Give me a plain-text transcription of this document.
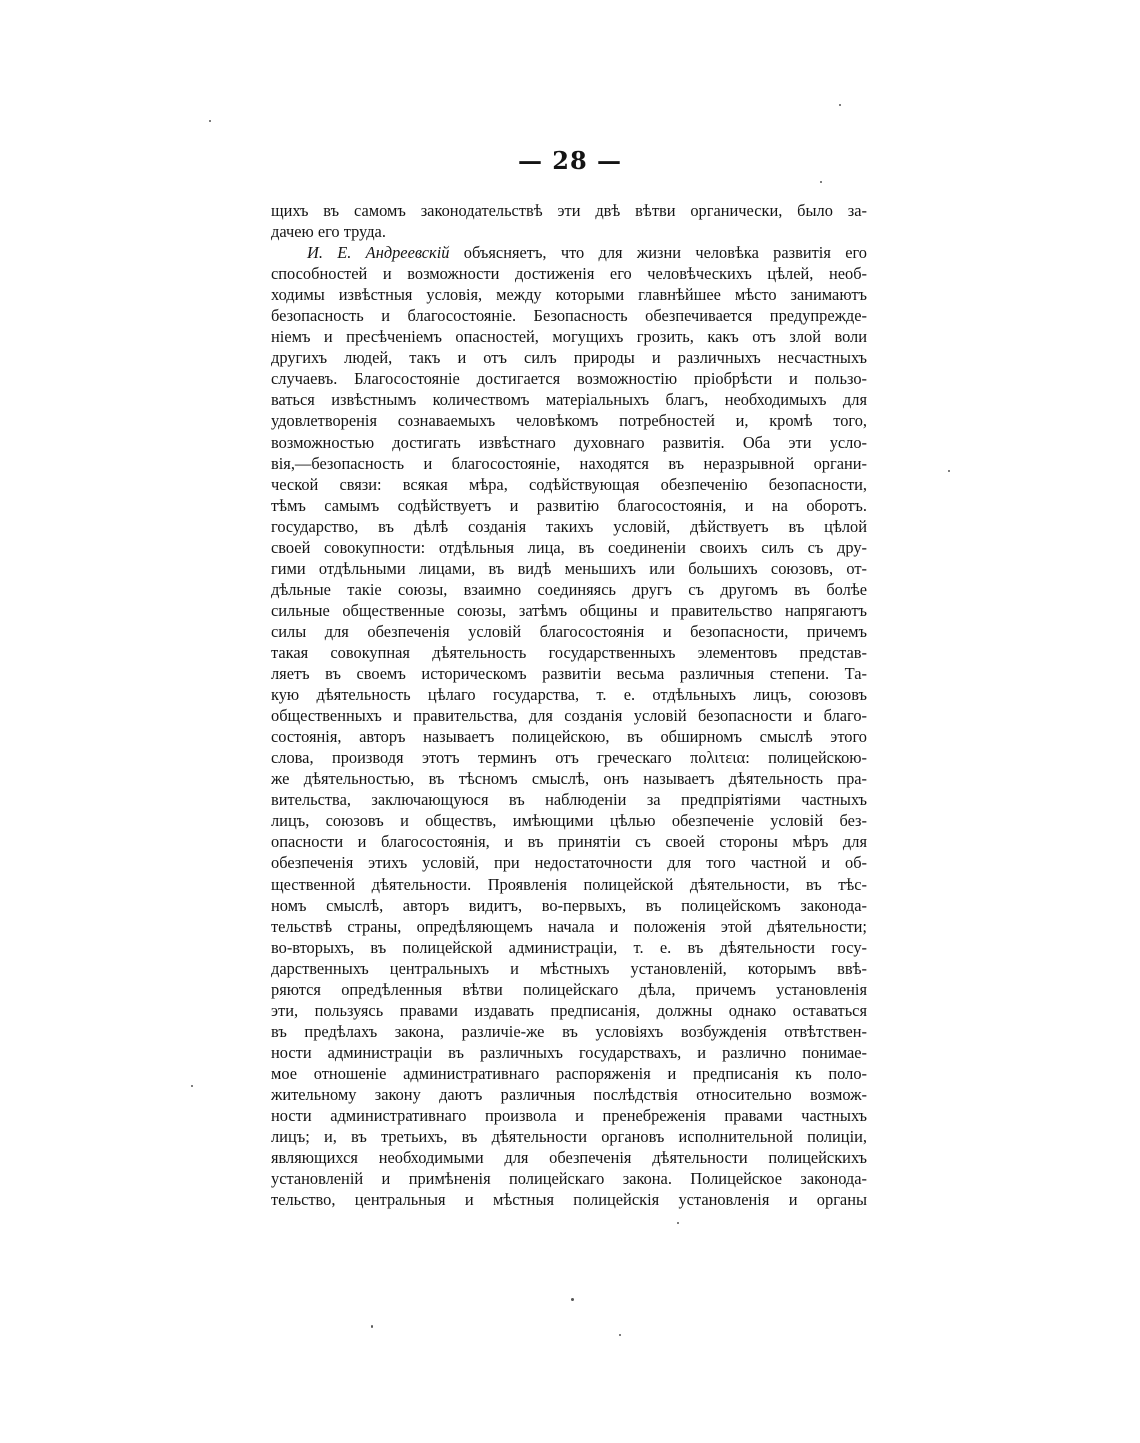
— 28 —
щихъ въ самомъ законодательствѣ эти двѣ вѣтви органически, было за-
дачею его труда.
И. Е. Андреевскій объясняетъ, что для жизни человѣка развитія его
способностей и возможности достиженія его человѣческихъ цѣлей, необ-
ходимы извѣстныя условія, между которыми главнѣйшее мѣсто занимаютъ
безопасность и благосостояніе. Безопасность обезпечивается предупрежде-
ніемъ и пресѣченіемъ опасностей, могущихъ грозить, какъ отъ злой воли
другихъ людей, такъ и отъ силъ природы и различныхъ несчастныхъ
случаевъ. Благосостояніе достигается возможностію пріобрѣсти и пользо-
ваться извѣстнымъ количествомъ матеріальныхъ благъ, необходимыхъ для
удовлетворенія сознаваемыхъ человѣкомъ потребностей и, кромѣ того,
возможностью достигать извѣстнаго духовнаго развитія. Оба эти усло-
вія,—безопасность и благосостояніе, находятся въ неразрывной органи-
ческой связи: всякая мѣра, содѣйствующая обезпеченію безопасности,
тѣмъ самымъ содѣйствуетъ и развитію благосостоянія, и на оборотъ.
государство, въ дѣлѣ созданія такихъ условій, дѣйствуетъ въ цѣлой
своей совокупности: отдѣльныя лица, въ соединеніи своихъ силъ съ дру-
гими отдѣльными лицами, въ видѣ меньшихъ или большихъ союзовъ, от-
дѣльные такіе союзы, взаимно соединяясь другъ съ другомъ въ болѣе
сильные общественные союзы, затѣмъ общины и правительство напрягаютъ
силы для обезпеченія условій благосостоянія и безопасности, причемъ
такая совокупная дѣятельность государственныхъ элементовъ представ-
ляетъ въ своемъ историческомъ развитіи весьма различныя степени. Та-
кую дѣятельность цѣлаго государства, т. е. отдѣльныхъ лицъ, союзовъ
общественныхъ и правительства, для созданія условій безопасности и благо-
состоянія, авторъ называетъ полицейскою, въ обширномъ смыслѣ этого
слова, производя этотъ терминъ отъ греческаго πολιτεια: полицейскою-
же дѣятельностью, въ тѣсномъ смыслѣ, онъ называетъ дѣятельность пра-
вительства, заключающуюся въ наблюденіи за предпріятіями частныхъ
лицъ, союзовъ и обществъ, имѣющими цѣлью обезпеченіе условій без-
опасности и благосостоянія, и въ принятіи съ своей стороны мѣръ для
обезпеченія этихъ условій, при недостаточности для того частной и об-
щественной дѣятельности. Проявленія полицейской дѣятельности, въ тѣс-
номъ смыслѣ, авторъ видитъ, во-первыхъ, въ полицейскомъ законода-
тельствѣ страны, опредѣляющемъ начала и положенія этой дѣятельности;
во-вторыхъ, въ полицейской администраціи, т. е. въ дѣятельности госу-
дарственныхъ центральныхъ и мѣстныхъ установленій, которымъ ввѣ-
ряются опредѣленныя вѣтви полицейскаго дѣла, причемъ установленія
эти, пользуясь правами издавать предписанія, должны однако оставаться
въ предѣлахъ закона, различіе-же въ условіяхъ возбужденія отвѣтствен-
ности администраціи въ различныхъ государствахъ, и различно понимае-
мое отношеніе административнаго распоряженія и предписанія къ поло-
жительному закону даютъ различныя послѣдствія относительно возмож-
ности административнаго произвола и пренебреженія правами частныхъ
лицъ; и, въ третьихъ, въ дѣятельности органовъ исполнительной полиціи,
являющихся необходимыми для обезпеченія дѣятельности полицейскихъ
установленій и примѣненія полицейскаго закона. Полицейское законода-
тельство, центральныя и мѣстныя полицейскія установленія и органы
